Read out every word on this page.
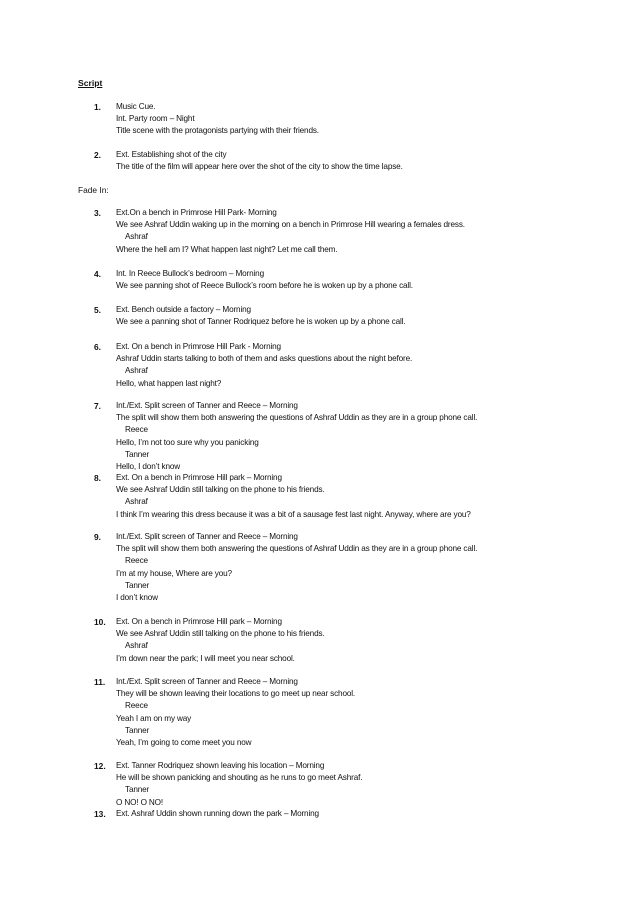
Script
Fade In:
1.	Music Cue.
Int. Party room – Night
Title scene with the protagonists partying with their friends.
2.	Ext. Establishing shot of the city
The title of the film will appear here over the shot of the city to show the time lapse.
3.	Ext.On a bench in Primrose Hill Park- Morning
We see Ashraf Uddin waking up in the morning on a bench in Primrose Hill wearing a females dress.
Ashraf
Where the hell am I? What happen last night? Let me call them.
4.	Int. In Reece Bullock’s bedroom – Morning
We see panning shot of Reece Bullock’s room before he is woken up by a phone call.
5.	Ext. Bench outside a factory – Morning
We see a panning shot of Tanner Rodriquez before he is woken up by a phone call.
6.	Ext. On a bench in Primrose Hill Park - Morning
Ashraf Uddin starts talking to both of them and asks questions about the night before.
Ashraf
Hello, what happen last night?
7.	Int./Ext. Split screen of Tanner and Reece – Morning
The split will show them both answering the questions of Ashraf Uddin as they are in a group phone call.
Reece
Hello, I’m not too sure why you panicking
Tanner
Hello, I don’t know
8.	Ext. On a bench in Primrose Hill park – Morning
We see Ashraf Uddin still talking on the phone to his friends.
Ashraf
I think I’m wearing this dress because it was a bit of a sausage fest last night. Anyway, where are you?
9.	Int./Ext. Split screen of Tanner and Reece – Morning
The split will show them both answering the questions of Ashraf Uddin as they are in a group phone call.
Reece
I’m at my house, Where are you?
Tanner
I don’t know
10.	Ext. On a bench in Primrose Hill park – Morning
We see Ashraf Uddin still talking on the phone to his friends.
Ashraf
I’m down near the park; I will meet you near school.
11.	Int./Ext. Split screen of Tanner and Reece – Morning
They will be shown leaving their locations to go meet up near school.
Reece
Yeah I am on my way
Tanner
Yeah, I’m going to come meet you now
12.	Ext. Tanner Rodriquez shown leaving his location – Morning
He will be shown panicking and shouting as he runs to go meet Ashraf.
Tanner
O NO! O NO!
13.	Ext. Ashraf Uddin shown running down the park – Morning
